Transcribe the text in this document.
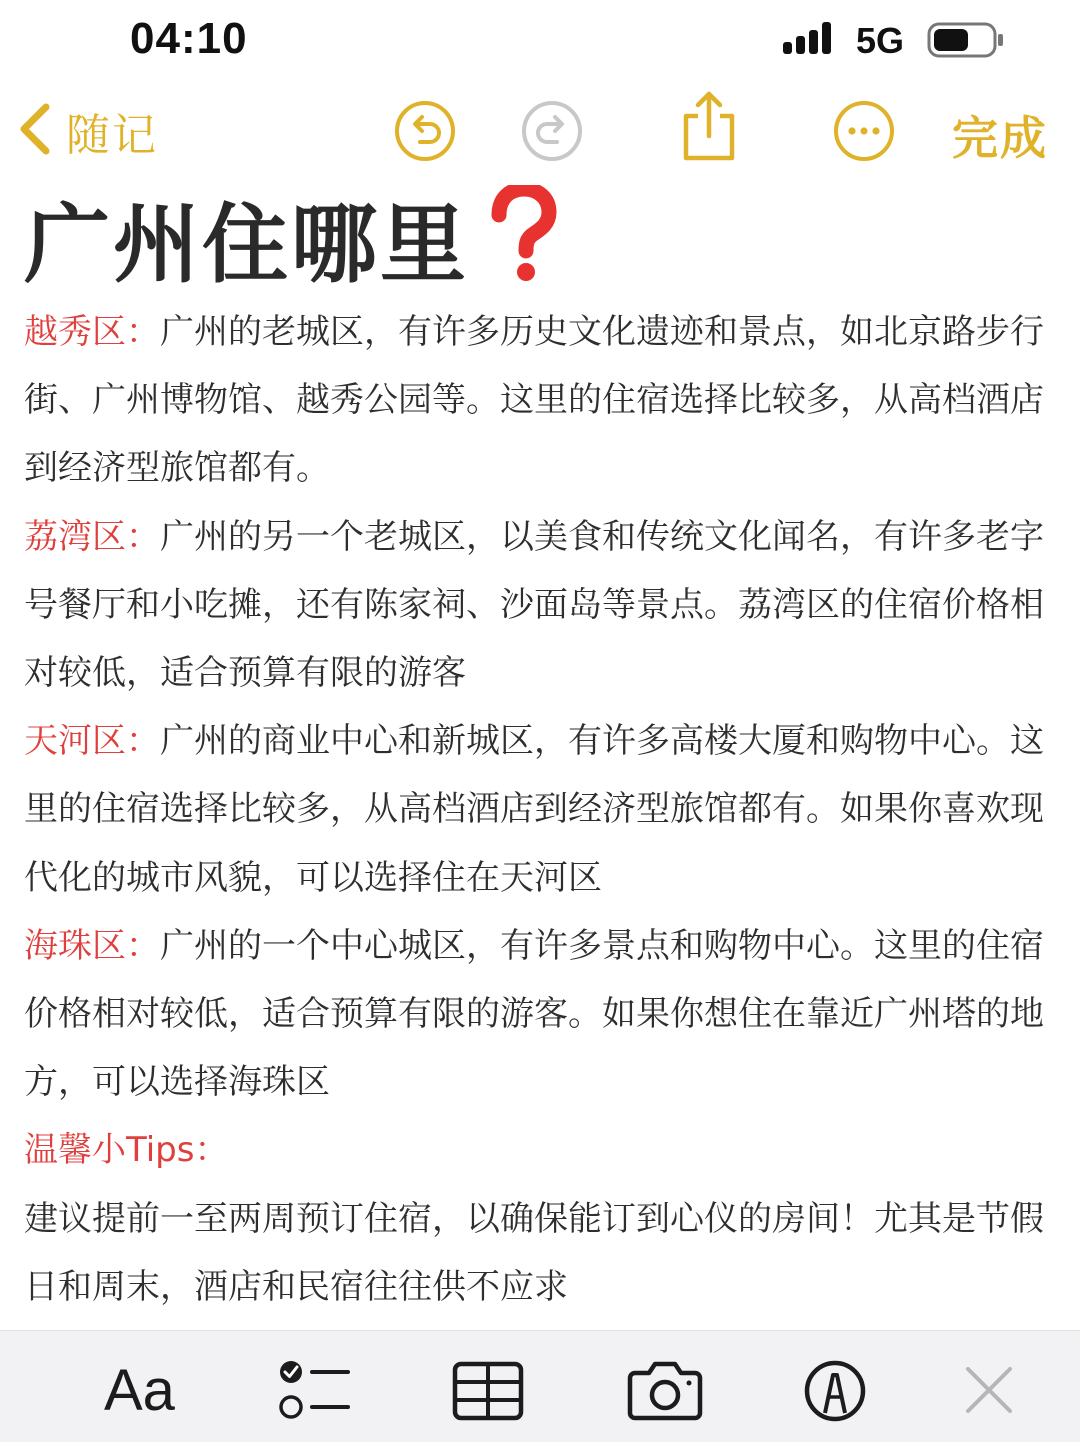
04:10	5G
随记	完成
广州住哪里

越秀区：广州的老城区，有许多历史文化遗迹和景点，如北京路步行街、广州博物馆、越秀公园等。这里的住宿选择比较多，从高档酒店到经济型旅馆都有。

荔湾区：广州的另一个老城区，以美食和传统文化闻名，有许多老字号餐厅和小吃摊，还有陈家祠、沙面岛等景点。荔湾区的住宿价格相对较低，适合预算有限的游客

天河区：广州的商业中心和新城区，有许多高楼大厦和购物中心。这里的住宿选择比较多，从高档酒店到经济型旅馆都有。如果你喜欢现代化的城市风貌，可以选择住在天河区

海珠区：广州的一个中心城区，有许多景点和购物中心。这里的住宿价格相对较低，适合预算有限的游客。如果你想住在靠近广州塔的地方，可以选择海珠区

温馨小Tips：

建议提前一至两周预订住宿，以确保能订到心仪的房间！尤其是节假日和周末，酒店和民宿往往供不应求

Aa
